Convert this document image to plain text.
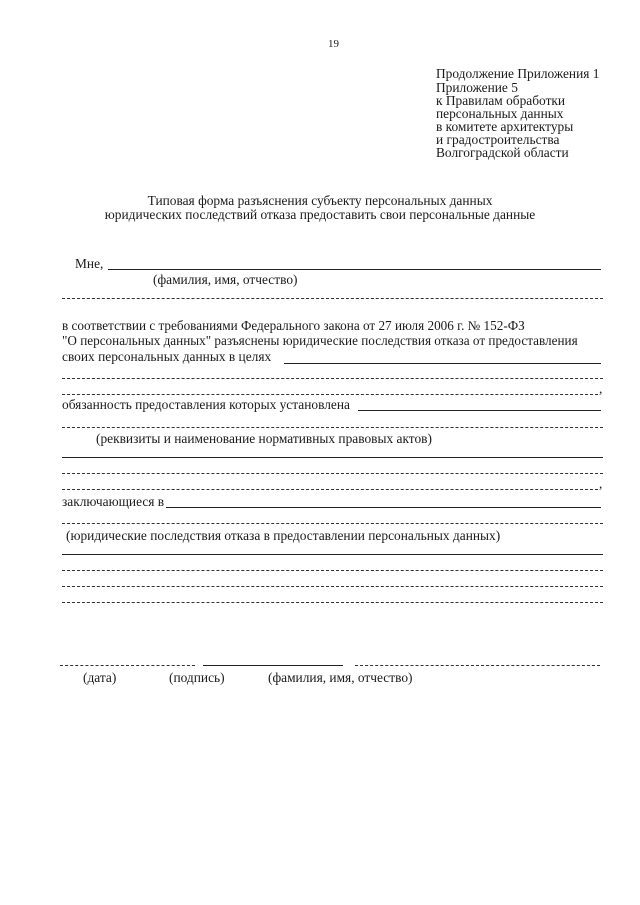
19
Продолжение Приложения 1
Приложение 5
к Правилам обработки
персональных данных
в комитете архитектуры
и градостроительства
Волгоградской области
Типовая форма разъяснения субъекту персональных данных
юридических последствий отказа предоставить свои персональные данные
Мне,
(фамилия, имя, отчество)
в соответствии с требованиями Федерального закона от 27 июля 2006 г. № 152-ФЗ
"О персональных данных" разъяснены юридические последствия отказа от предоставления
своих персональных данных в целях
,
обязанность предоставления которых установлена
(реквизиты и наименование нормативных правовых актов)
,
заключающиеся в
(юридические последствия отказа в предоставлении персональных данных)
(дата)	(подпись)	(фамилия, имя, отчество)
